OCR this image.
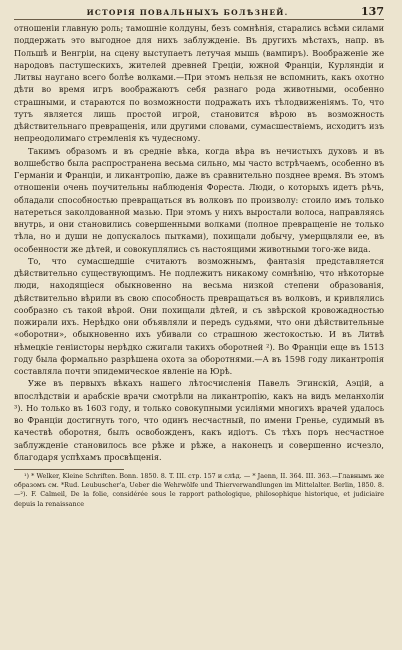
ИСТОРІЯ ПОВАЛЬНЫХЪ БОЛѢЗНЕЙ.	137

отношеніи главную роль; тамошніе колдуны, безъ сомнѣнія, старались всѣми силами поддержать это выгодное для нихъ заблужденіе. Въ другихъ мѣстахъ, напр. въ Польшѣ и Венгріи, на сцену выступаетъ летучая мышь (вампиръ). Воображеніе же народовъ пастушескихъ, жителей древней Греціи, южной Франціи, Курляндіи и Литвы наугано всего болѣе волками.—При этомъ нельзя не вспомнить, какъ охотно дѣти во время игръ воображаютъ себя разнаго рода животными, особенно страшными, и стараются по возможности подражать ихъ тѣлодвиженіямъ. То, что тутъ является лишь простой игрой, становится вѣрою въ возможность дѣйствительнаго превращенія, или другими словами, сумасшествіемъ, исходитъ изъ непреодолимаго стремленія къ чудесному.

Такимъ образомъ и въ средніе вѣка, когда вѣра въ нечистыхъ духовъ и въ волшебство была распространена весьма сильно, мы часто встрѣчаемъ, особенно въ Германіи и Франціи, и ликантропію, даже въ сравнительно позднее время. Въ этомъ отношеніи очень поучительны наблюденія Фореста. Люди, о которыхъ идетъ рѣчь, обладали способностью превращаться въ волковъ по произволу: стоило имъ только натереться заколдованной мазью. При этомъ у нихъ выростали волоса, направляясь внутрь, и они становились совершенными волками (полное превращеніе не только тѣла, но и души не допускалось пытками), похищали добычу, умерщвляли ее, въ особенности же дѣтей, и совокуплялись съ настоящими животными того-же вида.

То, что сумасшедшіе считаютъ возможнымъ, фантазія представляется дѣйствительно существующимъ. Не подлежитъ никакому сомнѣнію, что нѣкоторые люди, находящіеся обыкновенно на весьма низкой степени образованія, дѣйствительно вѣрили въ свою способность превращаться въ волковъ, и кривлялись сообразно съ такой вѣрой. Они похищали дѣтей, и съ звѣрской кровожадностью пожирали ихъ. Нерѣдко они объявляли и передъ судьями, что они дѣйствительные «оборотни», обыкновенно ихъ убивали со страшною жестокостью. И въ Литвѣ нѣмецкіе геніисторы нерѣдко сжигали такихъ оборотней ²). Во Франціи еще въ 1513 году была формально разрѣшена охота за оборотнями.—А въ 1598 году ликантропія составляла почти эпидемическое явленіе на Юрѣ.

Уже въ первыхъ вѣкахъ нашего лѣтосчисленія Павелъ Эгинскій, Аэцій, а впослѣдствіи и арабскіе врачи смотрѣли на ликантропію, какъ на видъ меланхоліи ³). Но только въ 1603 году, и только совокупными усиліями многихъ врачей удалось во Франціи достигнуть того, что одинъ несчастный, по имени Греньe, судимый въ качествѣ оборотня, былъ освобожденъ, какъ идіотъ. Съ тѣхъ поръ несчастное заблужденіе становилось все рѣже и рѣже, а наконецъ и совершенно исчезло, благодаря успѣхамъ просвѣщенія.

¹) * Welker, Kleine Schriften. Bonn. 1850. 8. T. III. стр. 157 и слѣд. — * Jaenn, II. 364. III. 363.—Главнымъ же образомъ см. *Rud. Leubuscher'a, Ueber die Wehrwölfe und Thierverwandlungen im Mittelalter. Berlin, 1850. 8.—²). F. Calmeil, De la folie, considérée sous le rapport pathologique, philosophique historique, et judiciaire depuis la renaissance
